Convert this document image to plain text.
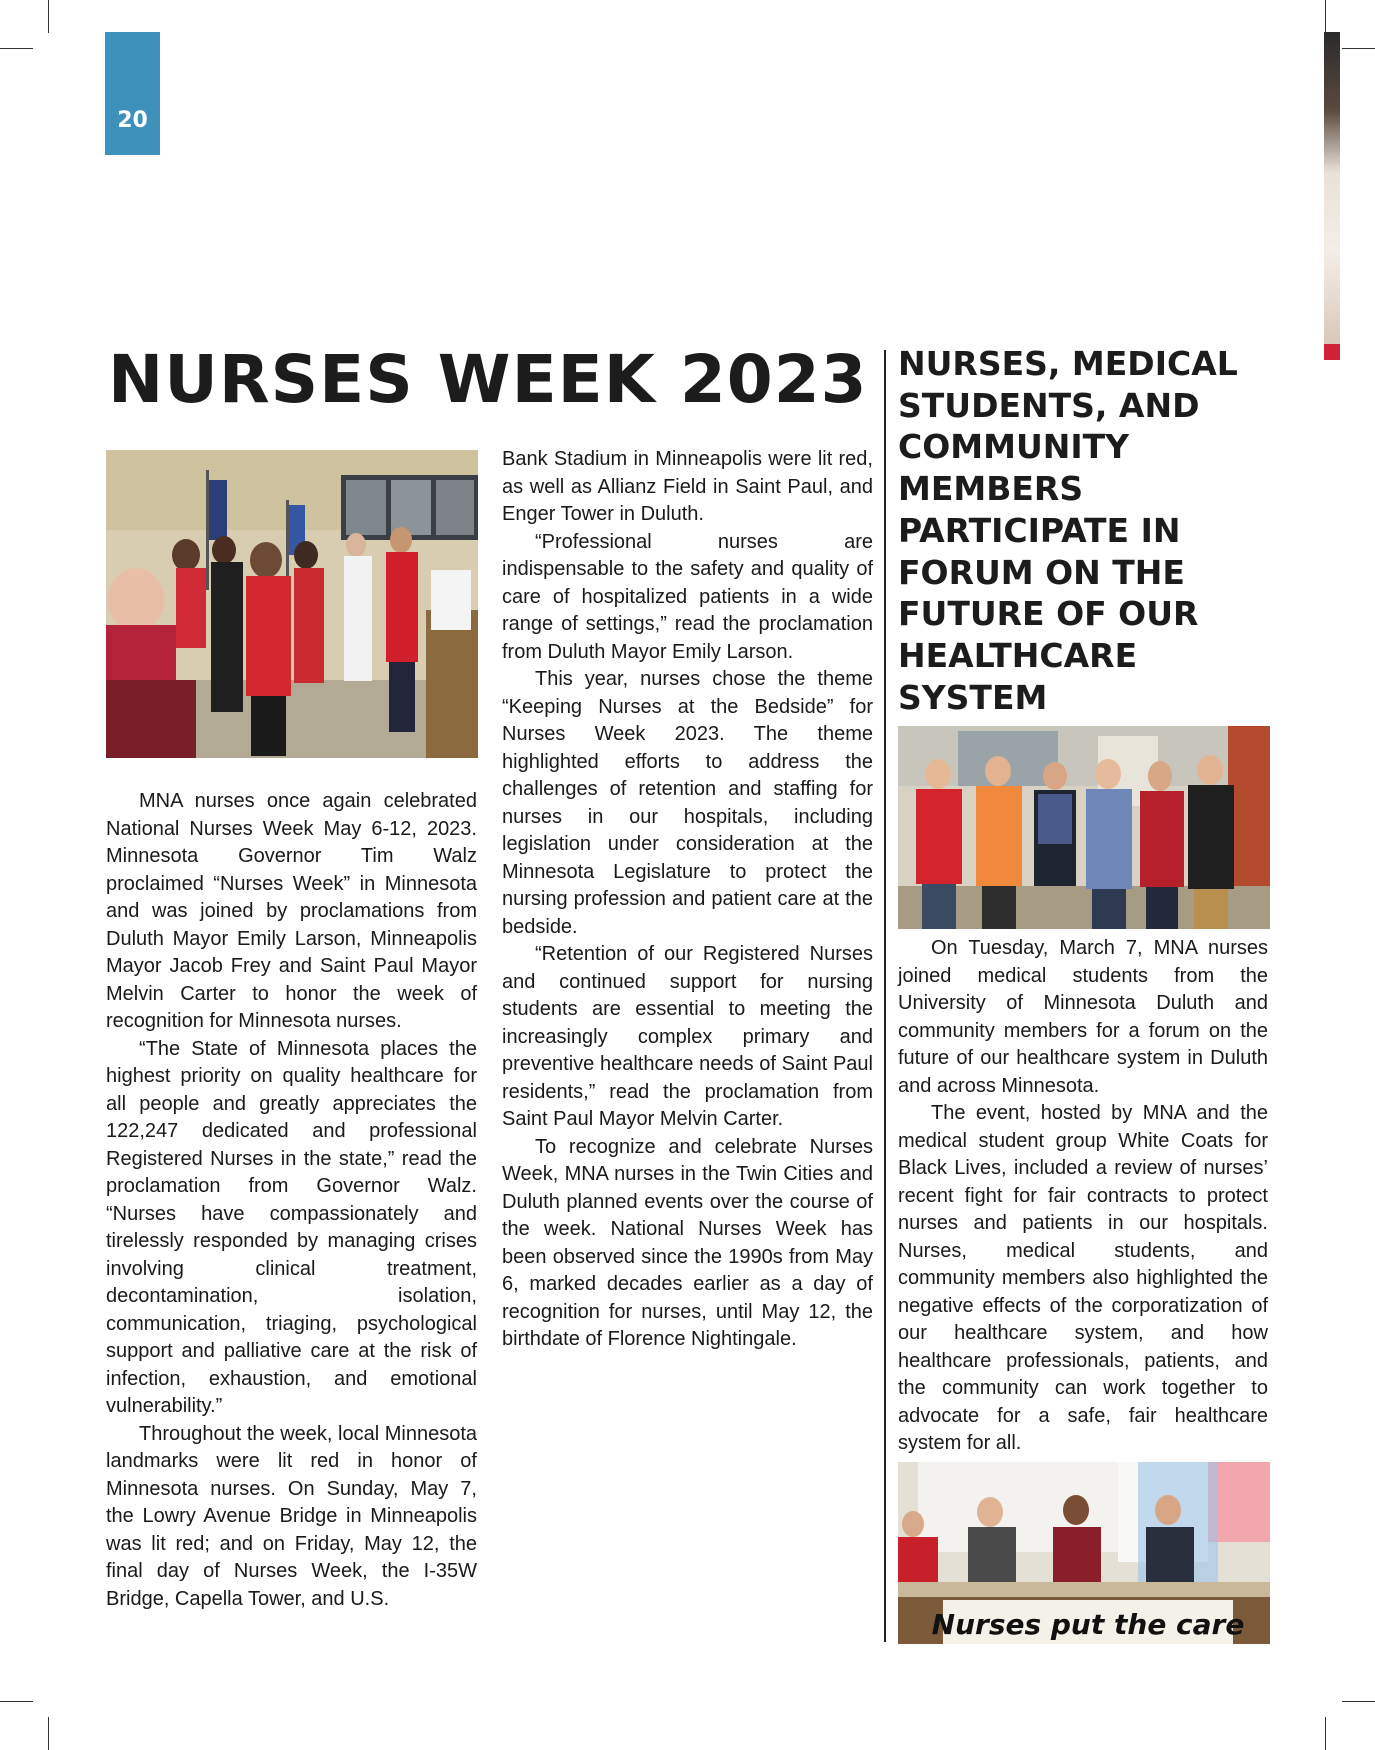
20
NURSES WEEK 2023

MNA nurses once again celebrated National Nurses Week May 6-12, 2023. Minnesota Governor Tim Walz proclaimed “Nurses Week” in Minnesota and was joined by proclamations from Duluth Mayor Emily Larson, Minneapolis Mayor Jacob Frey and Saint Paul Mayor Melvin Carter to honor the week of recognition for Minnesota nurses.

“The State of Minnesota places the highest priority on quality healthcare for all people and greatly appreciates the 122,247 dedicated and professional Registered Nurses in the state,” read the proclamation from Governor Walz. “Nurses have compassionately and tirelessly responded by managing crises involving clinical treatment, decontamination, isolation, communication, triaging, psychological support and palliative care at the risk of infection, exhaustion, and emotional vulnerability.”

Throughout the week, local Minnesota landmarks were lit red in honor of Minnesota nurses. On Sunday, May 7, the Lowry Avenue Bridge in Minneapolis was lit red; and on Friday, May 12, the final day of Nurses Week, the I-35W Bridge, Capella Tower, and U.S.

Bank Stadium in Minneapolis were lit red, as well as Allianz Field in Saint Paul, and Enger Tower in Duluth.

“Professional nurses are indispensable to the safety and quality of care of hospitalized patients in a wide range of settings,” read the proclamation from Duluth Mayor Emily Larson.

This year, nurses chose the theme “Keeping Nurses at the Bedside” for Nurses Week 2023. The theme highlighted efforts to address the challenges of retention and staffing for nurses in our hospitals, including legislation under consideration at the Minnesota Legislature to protect the nursing profession and patient care at the bedside.

“Retention of our Registered Nurses and continued support for nursing students are essential to meeting the increasingly complex primary and preventive healthcare needs of Saint Paul residents,” read the proclamation from Saint Paul Mayor Melvin Carter.

To recognize and celebrate Nurses Week, MNA nurses in the Twin Cities and Duluth planned events over the course of the week. National Nurses Week has been observed since the 1990s from May 6, marked decades earlier as a day of recognition for nurses, until May 12, the birthdate of Florence Nightingale.

NURSES, MEDICAL STUDENTS, AND COMMUNITY MEMBERS PARTICIPATE IN FORUM ON THE FUTURE OF OUR HEALTHCARE SYSTEM

On Tuesday, March 7, MNA nurses joined medical students from the University of Minnesota Duluth and community members for a forum on the future of our healthcare system in Duluth and across Minnesota.

The event, hosted by MNA and the medical student group White Coats for Black Lives, included a review of nurses’ recent fight for fair contracts to protect nurses and patients in our hospitals. Nurses, medical students, and community members also highlighted the negative effects of the corporatization of our healthcare system, and how healthcare professionals, patients, and the community can work together to advocate for a safe, fair healthcare system for all.

Nurses put the care
